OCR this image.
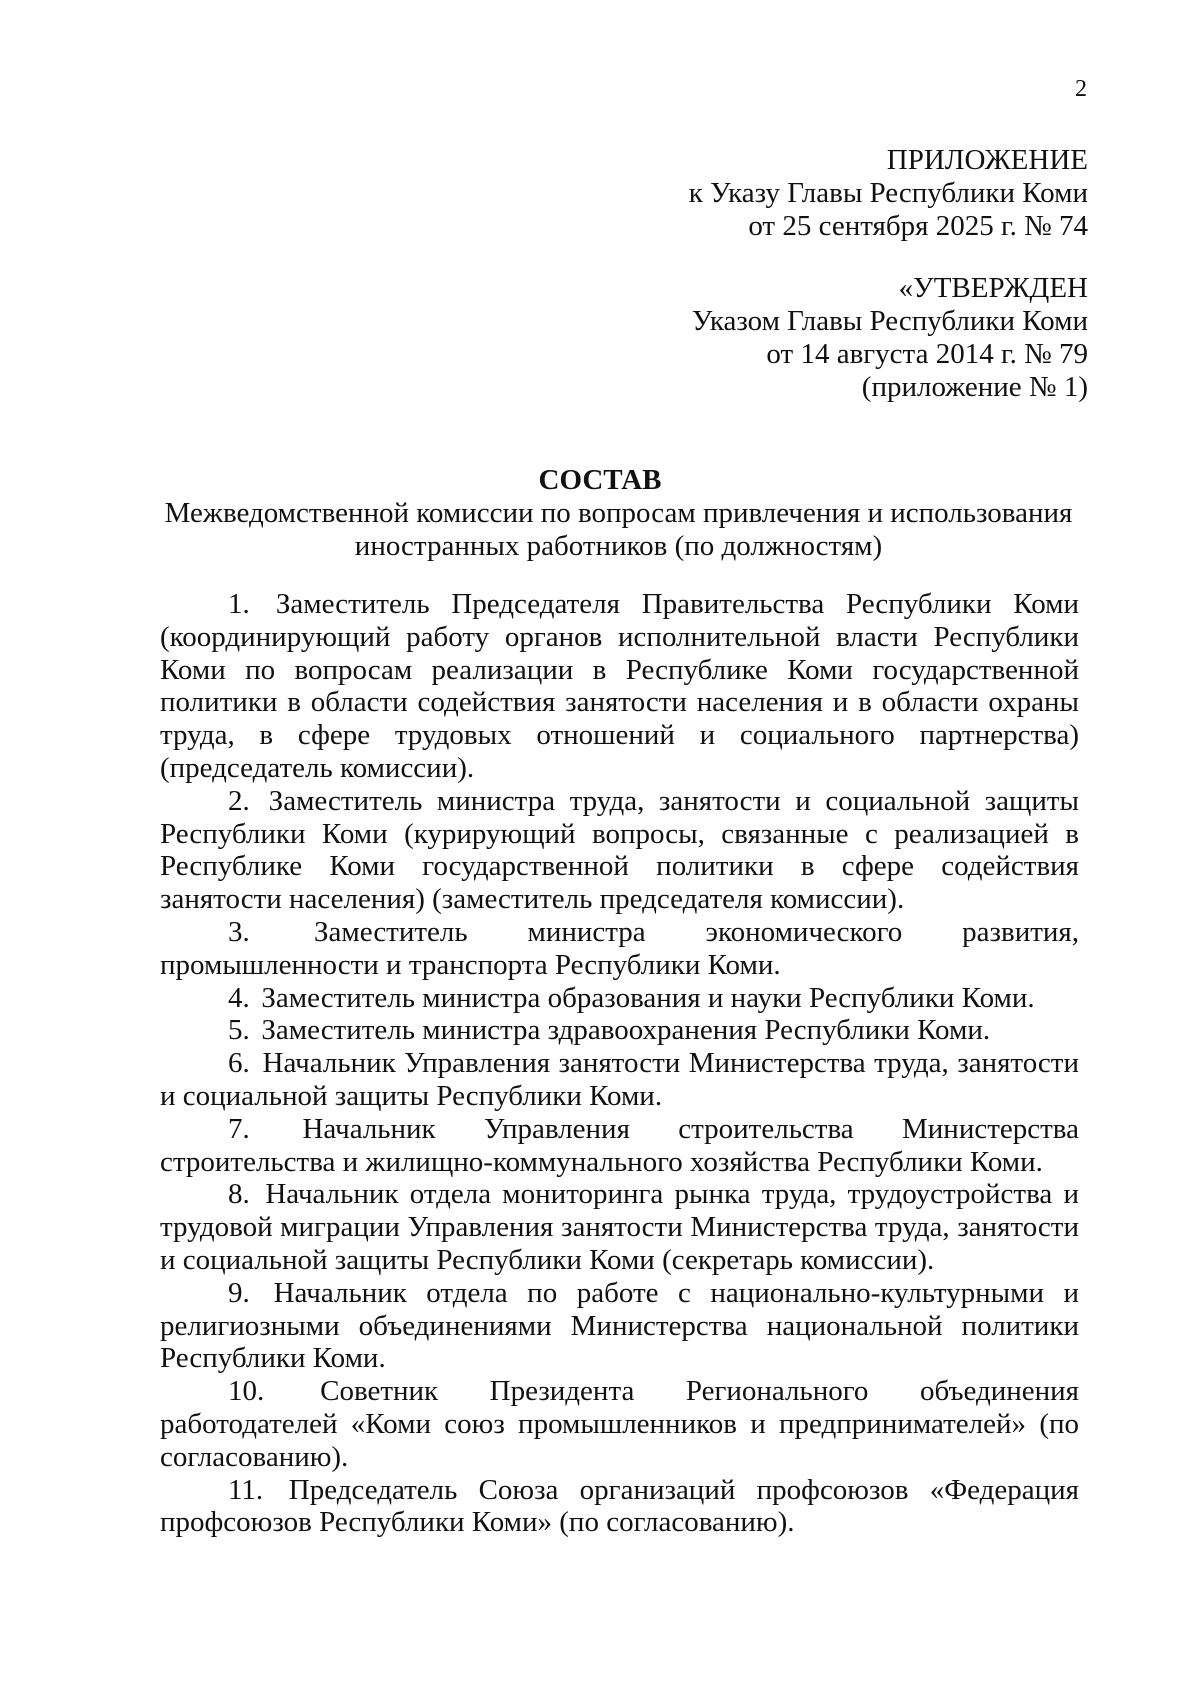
2
ПРИЛОЖЕНИЕ
к Указу Главы Республики Коми
от 25 сентября 2025 г. № 74
«УТВЕРЖДЕН
Указом Главы Республики Коми
от 14 августа 2014 г. № 79
(приложение № 1)
СОСТАВ
Межведомственной комиссии по вопросам привлечения и использования иностранных работников (по должностям)

1. Заместитель Председателя Правительства Республики Коми (координирующий работу органов исполнительной власти Республики Коми по вопросам реализации в Республике Коми государственной политики в области содействия занятости населения и в области охраны труда, в сфере трудовых отношений и социального партнерства) (председатель комиссии).

2. Заместитель министра труда, занятости и социальной защиты Республики Коми (курирующий вопросы, связанные с реализацией в Республике Коми государственной политики в сфере содействия занятости населения) (заместитель председателя комиссии).

3. Заместитель министра экономического развития, промышленности и транспорта Республики Коми.

4. Заместитель министра образования и науки Республики Коми.

5. Заместитель министра здравоохранения Республики Коми.

6. Начальник Управления занятости Министерства труда, занятости и социальной защиты Республики Коми.

7. Начальник Управления строительства Министерства строительства и жилищно-коммунального хозяйства Республики Коми.

8. Начальник отдела мониторинга рынка труда, трудоустройства и трудовой миграции Управления занятости Министерства труда, занятости и социальной защиты Республики Коми (секретарь комиссии).

9. Начальник отдела по работе с национально-культурными и религиозными объединениями Министерства национальной политики Республики Коми.

10. Советник Президента Регионального объединения работодателей «Коми союз промышленников и предпринимателей» (по согласованию).

11. Председатель Союза организаций профсоюзов «Федерация профсоюзов Республики Коми» (по согласованию).
